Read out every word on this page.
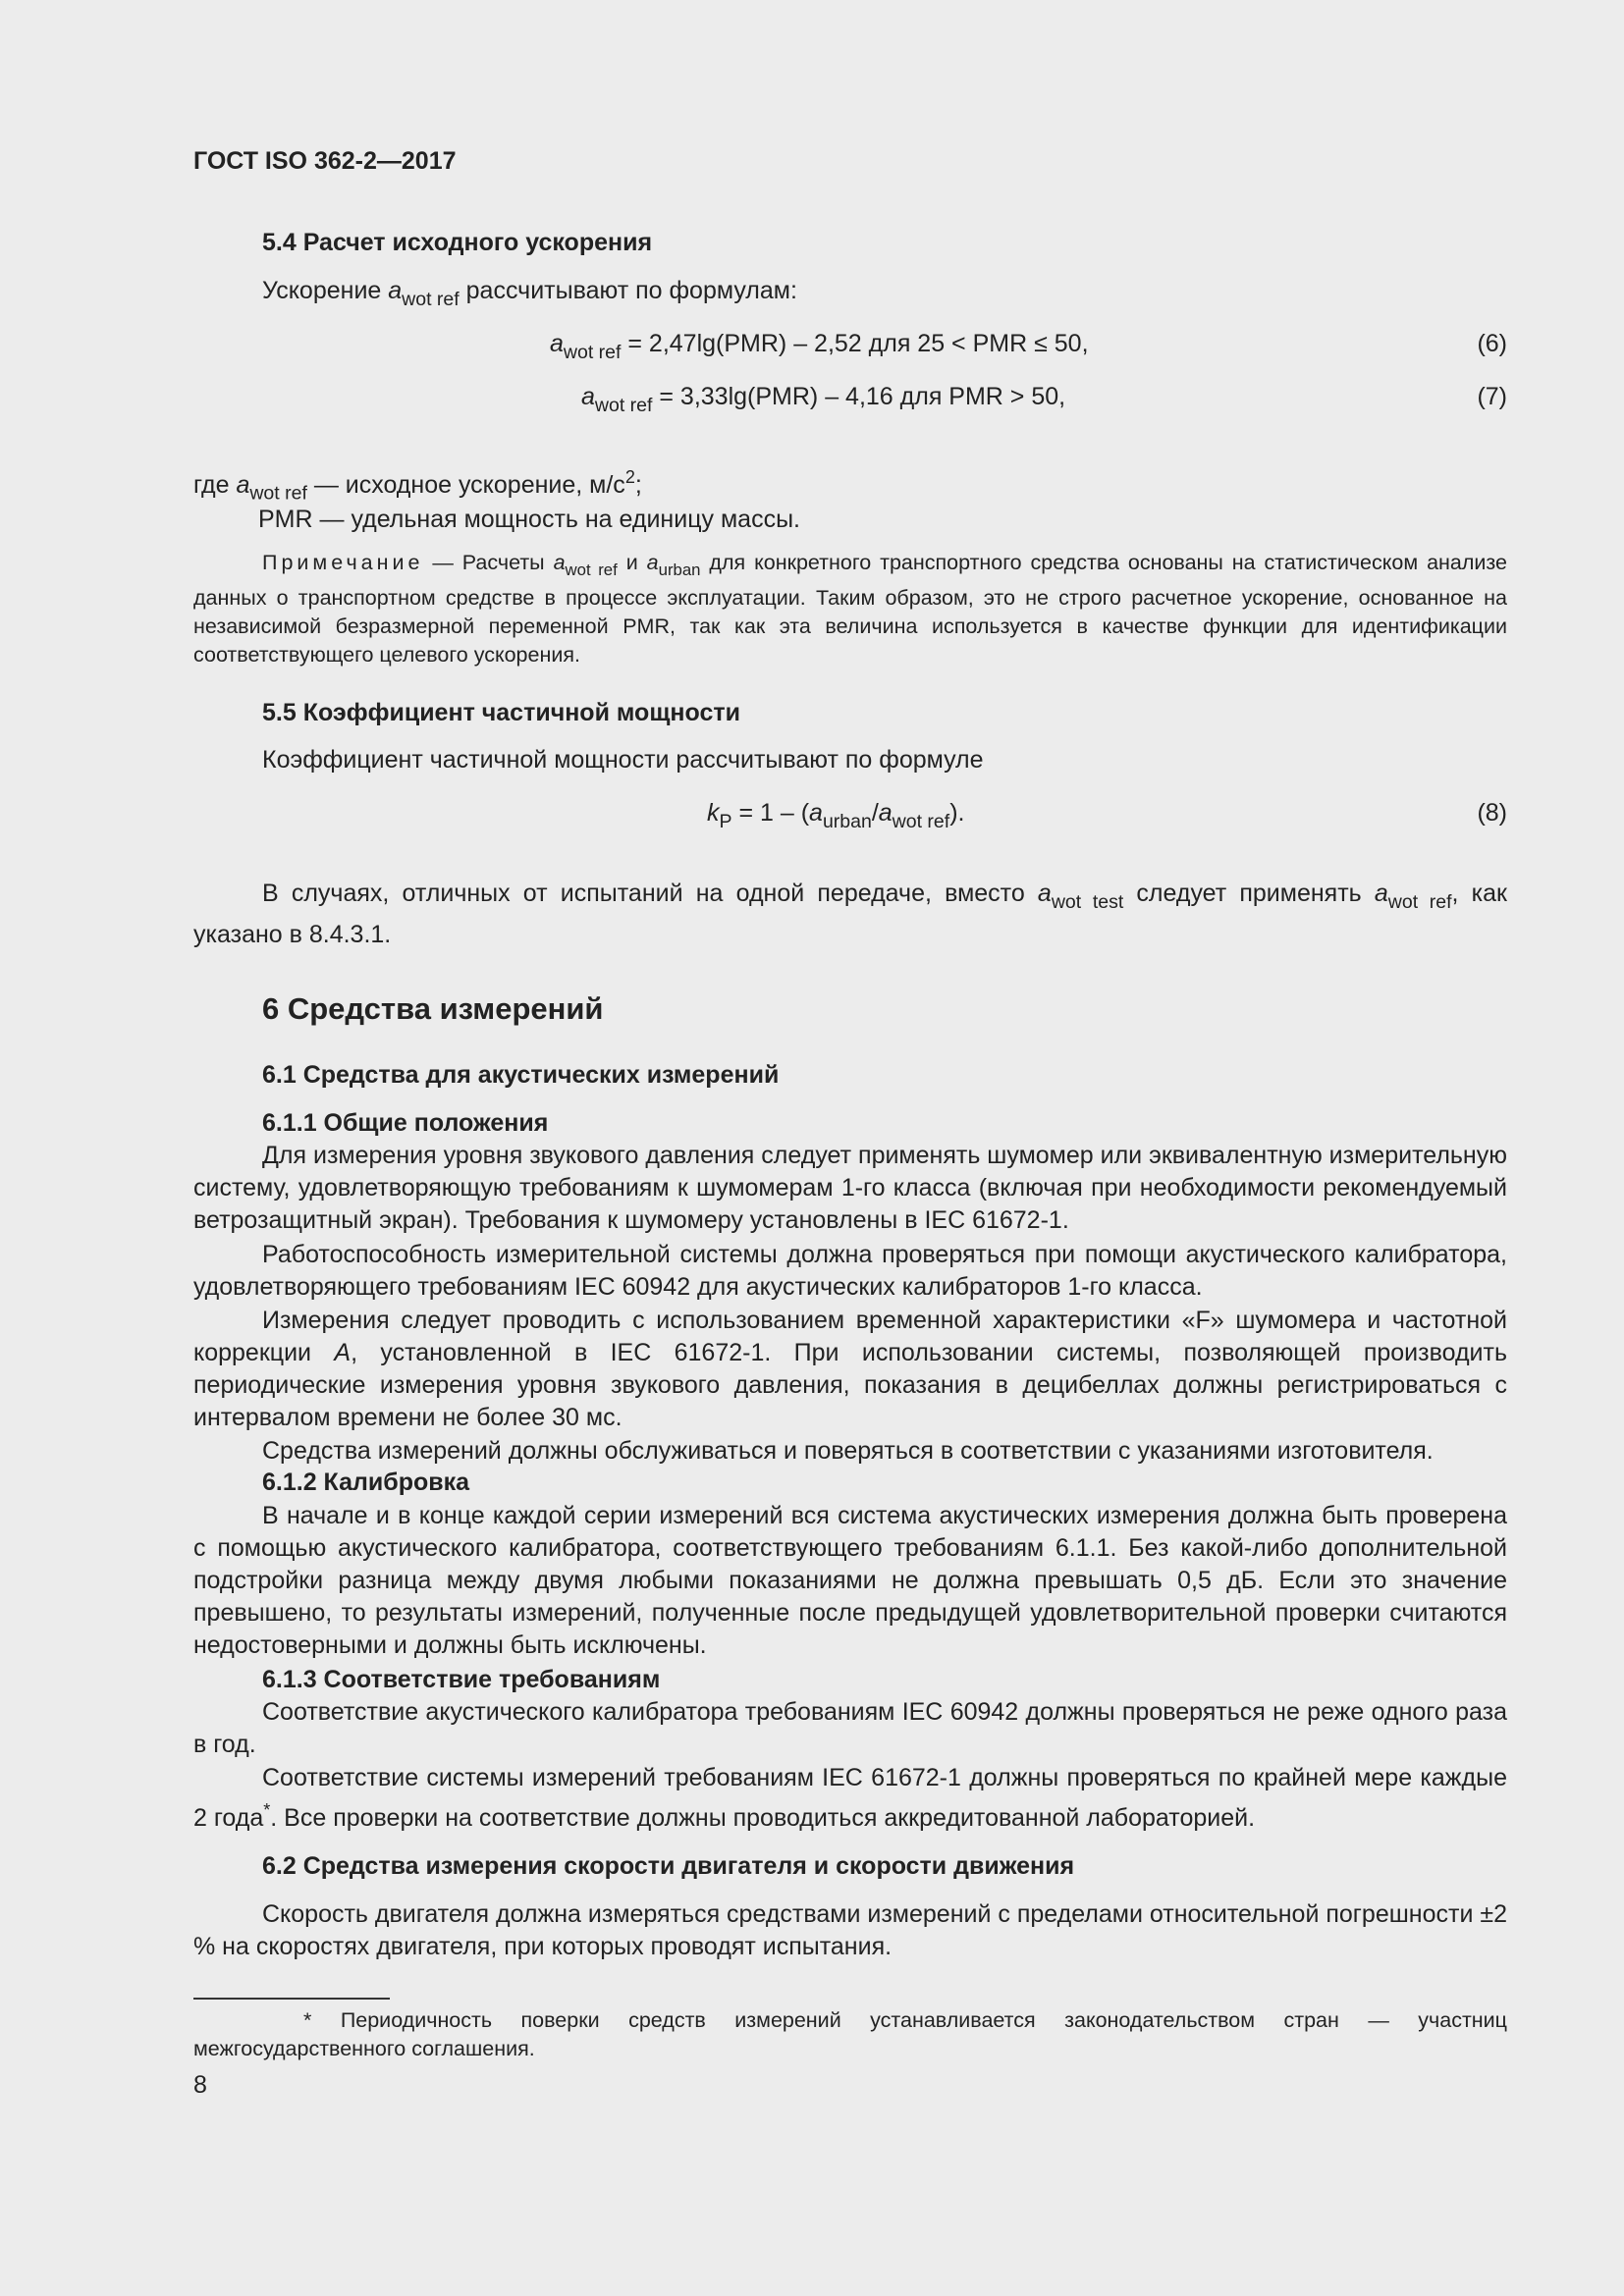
ГОСТ ISO 362-2—2017
5.4 Расчет исходного ускорения
Ускорение $a_{wot ref}$ рассчитывают по формулам:
$a_{wot ref} = 2,47\lg(PMR) - 2,52$ для 25 < PMR ≤ 50,	(6)
$a_{wot ref} = 3,33\lg(PMR) - 4,16$ для PMR > 50,	(7)
где $a_{wot ref}$ — исходное ускорение, $м/с^2$;
PMR — удельная мощность на единицу массы.
Примечание — Расчеты $a_{wot ref}$ и $a_{urban}$ для конкретного транспортного средства основаны на статистическом анализе данных о транспортном средстве в процессе эксплуатации. Таким образом, это не строго расчетное ускорение, основанное на независимой безразмерной переменной PMR, так как эта величина используется в качестве функции для идентификации соответствующего целевого ускорения.
5.5 Коэффициент частичной мощности
Коэффициент частичной мощности рассчитывают по формуле
$k_P = 1 - (a_{urban}/a_{wot ref})$.	(8)
В случаях, отличных от испытаний на одной передаче, вместо $a_{wot test}$ следует применять $a_{wot ref}$, как указано в 8.4.3.1.
6 Средства измерений
6.1 Средства для акустических измерений
6.1.1 Общие положения
Для измерения уровня звукового давления следует применять шумомер или эквивалентную измерительную систему, удовлетворяющую требованиям к шумомерам 1-го класса (включая при необходимости рекомендуемый ветрозащитный экран). Требования к шумомеру установлены в IEC 61672-1.
Работоспособность измерительной системы должна проверяться при помощи акустического калибратора, удовлетворяющего требованиям IEC 60942 для акустических калибраторов 1-го класса.
Измерения следует проводить с использованием временной характеристики «F» шумомера и частотной коррекции A, установленной в IEC 61672-1. При использовании системы, позволяющей производить периодические измерения уровня звукового давления, показания в децибеллах должны регистрироваться с интервалом времени не более 30 мс.
Средства измерений должны обслуживаться и поверяться в соответствии с указаниями изготовителя.
6.1.2 Калибровка
В начале и в конце каждой серии измерений вся система акустических измерения должна быть проверена с помощью акустического калибратора, соответствующего требованиям 6.1.1. Без какой-либо дополнительной подстройки разница между двумя любыми показаниями не должна превышать 0,5 дБ. Если это значение превышено, то результаты измерений, полученные после предыдущей удовлетворительной проверки считаются недостоверными и должны быть исключены.
6.1.3 Соответствие требованиям
Соответствие акустического калибратора требованиям IEC 60942 должны проверяться не реже одного раза в год.
Соответствие системы измерений требованиям IEC 61672-1 должны проверяться по крайней мере каждые 2 года*. Все проверки на соответствие должны проводиться аккредитованной лабораторией.
6.2 Средства измерения скорости двигателя и скорости движения
Скорость двигателя должна измеряться средствами измерений с пределами относительной погрешности ±2 % на скоростях двигателя, при которых проводят испытания.
* Периодичность поверки средств измерений устанавливается законодательством стран — участниц межгосударственного соглашения.
8
